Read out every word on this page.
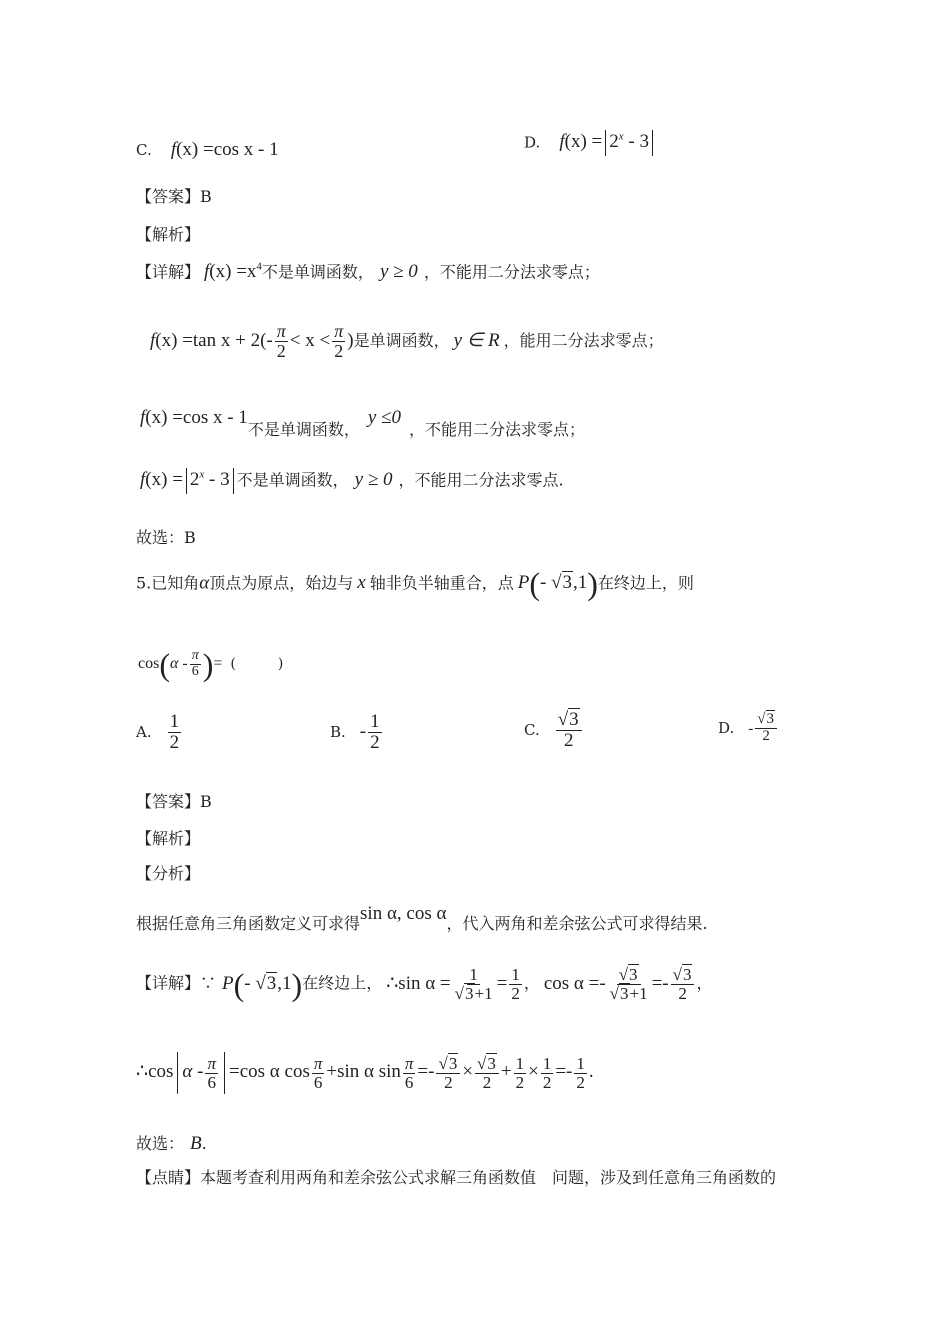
C. f(x) =cos x - 1	D. $f(x) = 2^x - 3$
【答案】B
【解析】
【详解】 $f(x) =x^4$不是单调函数， y ≥ 0 ，不能用二分法求零点；
f(x) =tan $x + 2(- \frac{\pi}{2} < x < \frac{\pi}{2}$ )是单调函数， y ∈ R ，能用二分法求零点；
f(x) =cos x - 1不是单调函数，y ≤0，不能用二分法求零点；
$f(x) = 2^x - 3$ 不是单调函数， y ≥ 0 ，不能用二分法求零点.
故选：B
5.已知角α顶点为原点，始边与 x 轴非负半轴重合，点 P(- √3,1)在终边上，则
$\cos(\alpha - \frac{\pi}{6}$ )= (　　　)
A. $\frac{1}{2}$	B. - $\frac{1}{2}$	C. $\frac{√3}{2}$	D. - $\frac{√3}{2}$
【答案】B
【解析】
【分析】
根据任意角三角函数定义可求得sin α, cos α，代入两角和差余弦公式可求得结果.
【详解】∵ P(- √3,1)在终边上， ∴sin $\alpha = \frac{1}{√3+1} = \frac{1}{2}$ ， $\cos \alpha =- \frac{√3}{√3+1} =- \frac{√3}{2}$ ，
∴cos $\alpha - \frac{\pi}{6} =\cos$ α $\cos \frac{\pi}{6} +\sin$ α $\sin \frac{\pi}{6} =- \frac{√3}{2} \times \frac{√3}{2} + \frac{1}{2} \times \frac{1}{2} =- \frac{1}{2}$ .
故选： B.
【点睛】本题考查利用两角和差余弦公式求解三角函数值　问题，涉及到任意角三角函数的
